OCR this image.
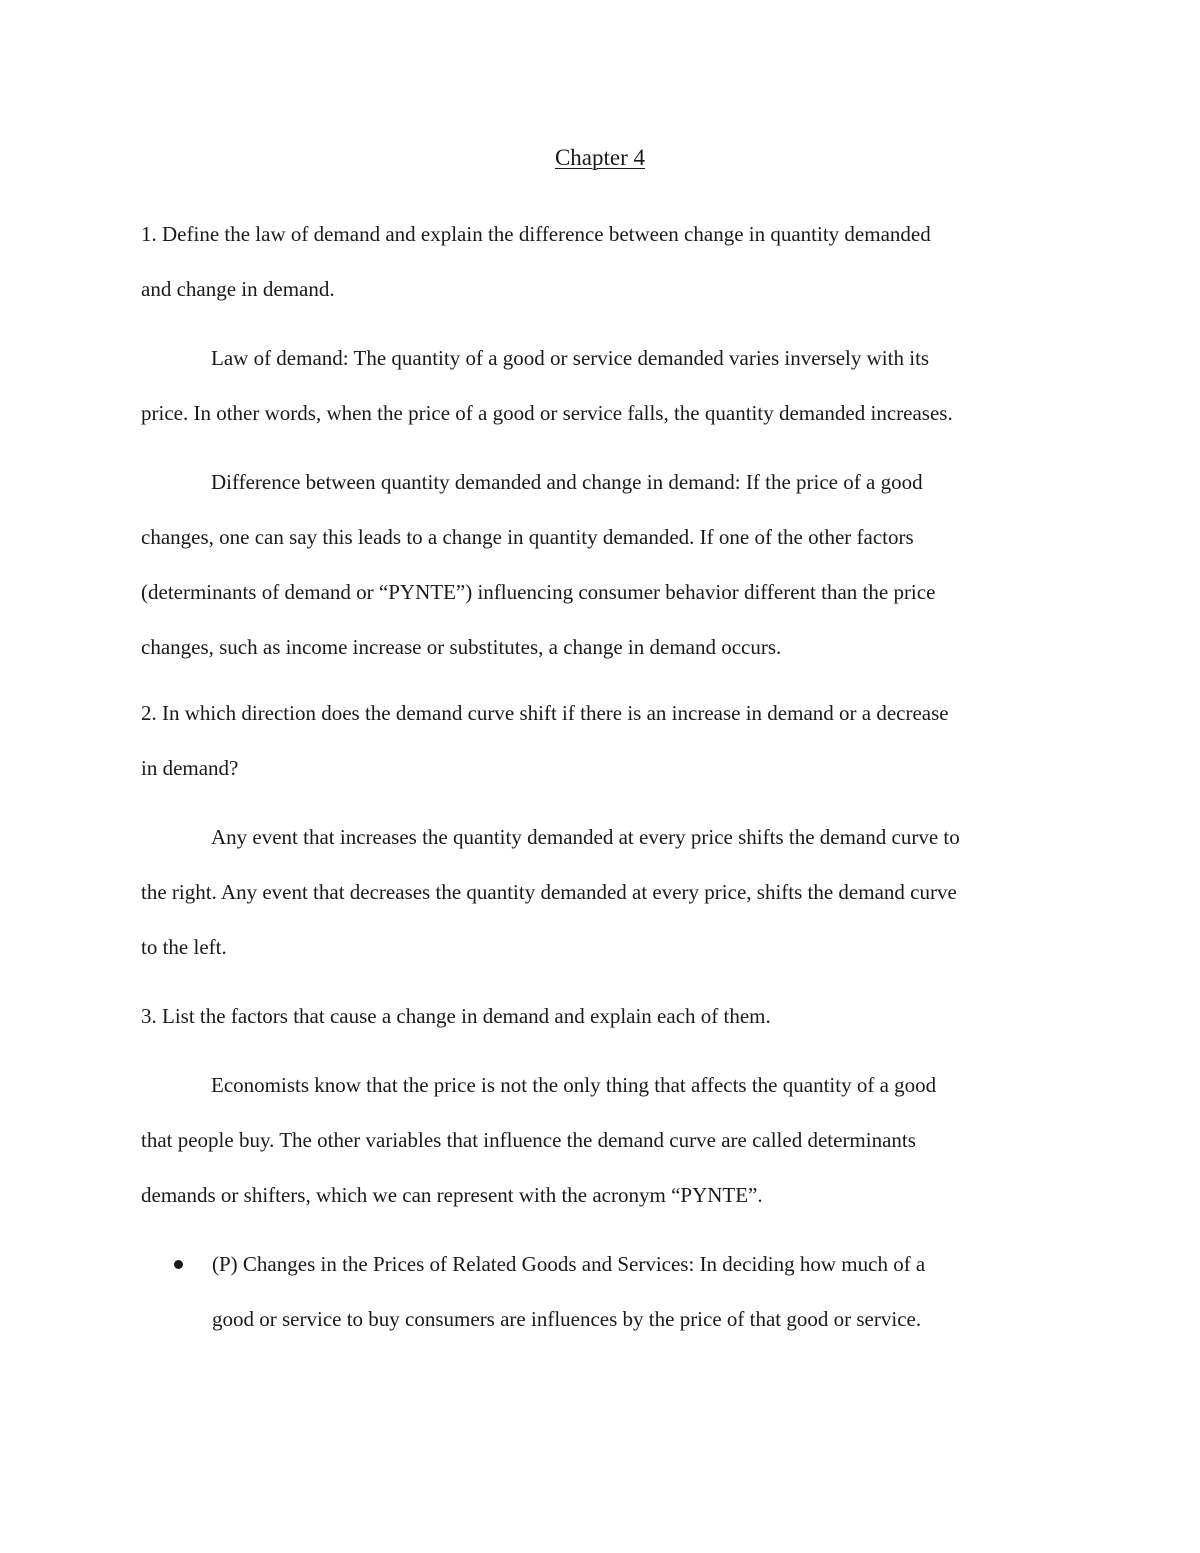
Chapter 4

1. Define the law of demand and explain the difference between change in quantity demanded
and change in demand.

Law of demand: The quantity of a good or service demanded varies inversely with its
price. In other words, when the price of a good or service falls, the quantity demanded increases.

Difference between quantity demanded and change in demand: If the price of a good
changes, one can say this leads to a change in quantity demanded. If one of the other factors
(determinants of demand or “PYNTE”) influencing consumer behavior different than the price
changes, such as income increase or substitutes, a change in demand occurs.

2. In which direction does the demand curve shift if there is an increase in demand or a decrease
in demand?

Any event that increases the quantity demanded at every price shifts the demand curve to
the right. Any event that decreases the quantity demanded at every price, shifts the demand curve
to the left.

3. List the factors that cause a change in demand and explain each of them.

Economists know that the price is not the only thing that affects the quantity of a good
that people buy. The other variables that influence the demand curve are called determinants
demands or shifters, which we can represent with the acronym “PYNTE”.

(P) Changes in the Prices of Related Goods and Services: In deciding how much of a
good or service to buy consumers are influences by the price of that good or service.
